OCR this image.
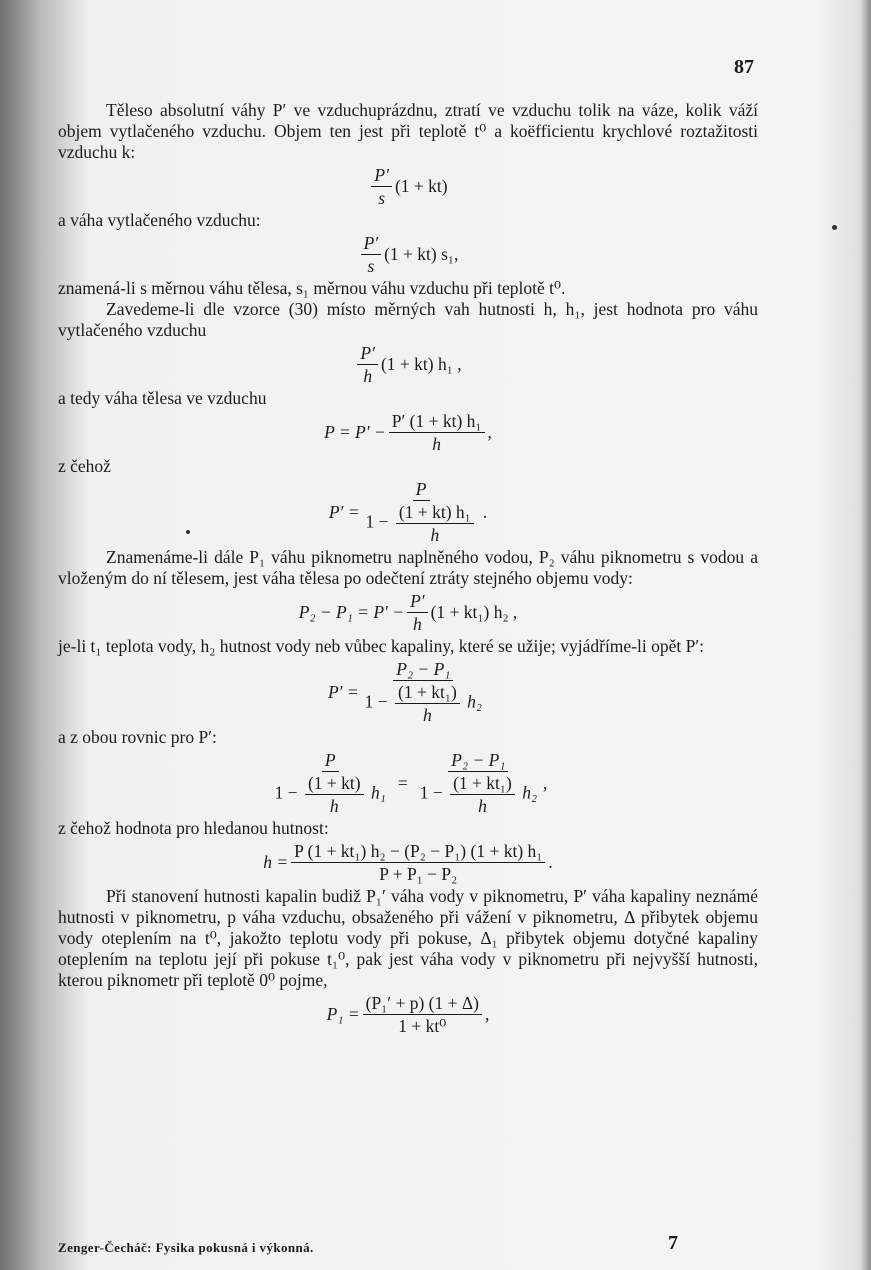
87

Těleso absolutní váhy P′ ve vzduchuprázdnu, ztratí ve vzduchu tolik na váze, kolik váží objem vytlačeného vzduchu. Objem ten jest při teplotě t⁰ a koëfficientu krychlové roztažitosti vzduchu k:

$\frac{P'}{s} (1 + kt)$

a váha vytlačeného vzduchu:

$\frac{P'}{s} (1 + kt)$ s₁,

znamená-li s měrnou váhu tělesa, s₁ měrnou váhu vzduchu při teplotě t⁰.

Zavedeme-li dle vzorce (30) místo měrných vah hutnosti h, h₁, jest hodnota pro váhu vytlačeného vzduchu

$\frac{P'}{h} (1 + kt)$ h₁ ,

a tedy váha tělesa ve vzduchu

$P = P' - \frac{\text{P′ (1 + kt) h₁}}{h}$ ,

z čehož

$P' = \frac{P}{1 - \frac{\text{(1 + kt) h₁}}{h}}$ .

Znamenáme-li dále P₁ váhu piknometru naplněného vodou, P₂ váhu piknometru s vodou a vloženým do ní tělesem, jest váha tělesa po odečtení ztráty stejného objemu vody:

$P_2 - P_1 = P' - \frac{P'}{h} (1 + kt_1)$ h₂ ,

je-li t₁ teplota vody, h₂ hutnost vody neb vůbec kapaliny, které se užije; vyjádříme-li opět P′:

$P' = \frac{\text{P₂ − P₁}}{1 - \frac{\text{(1 + kt₁)}}{h} h_2}$

a z obou rovnic pro P′:

$\frac{P}{1 - \frac{(1 + kt)}{h} h_1} = \frac{\text{P₂ − P₁}}{1 - \frac{\text{(1 + kt₁)}}{h} h_2}$ ,

z čehož hodnota pro hledanou hutnost:

$h = \frac{\text{P (1 + kt₁) h₂ − (P₂ − P₁) (1 + kt) h₁}}{\text{P + P₁ − P₂}}$ .

Při stanovení hutnosti kapalin budiž P₁′ váha vody v piknometru, P′ váha kapaliny neznámé hutnosti v piknometru, p váha vzduchu, obsaženého při vážení v piknometru, Δ přibytek objemu vody oteplením na t⁰, jakožto teplotu vody při pokuse, Δ₁ přibytek objemu dotyčné kapaliny oteplením na teplotu její při pokuse t₁⁰, pak jest váha vody v piknometru při nejvyšší hutnosti, kterou piknometr při teplotě 0⁰ pojme,

$P_1 = \frac{\text{(P₁′ + p) (1 + Δ)}}{\text{1 + kt⁰}}$ ,
Zenger-Čecháč: Fysika pokusná i výkonná.	7
